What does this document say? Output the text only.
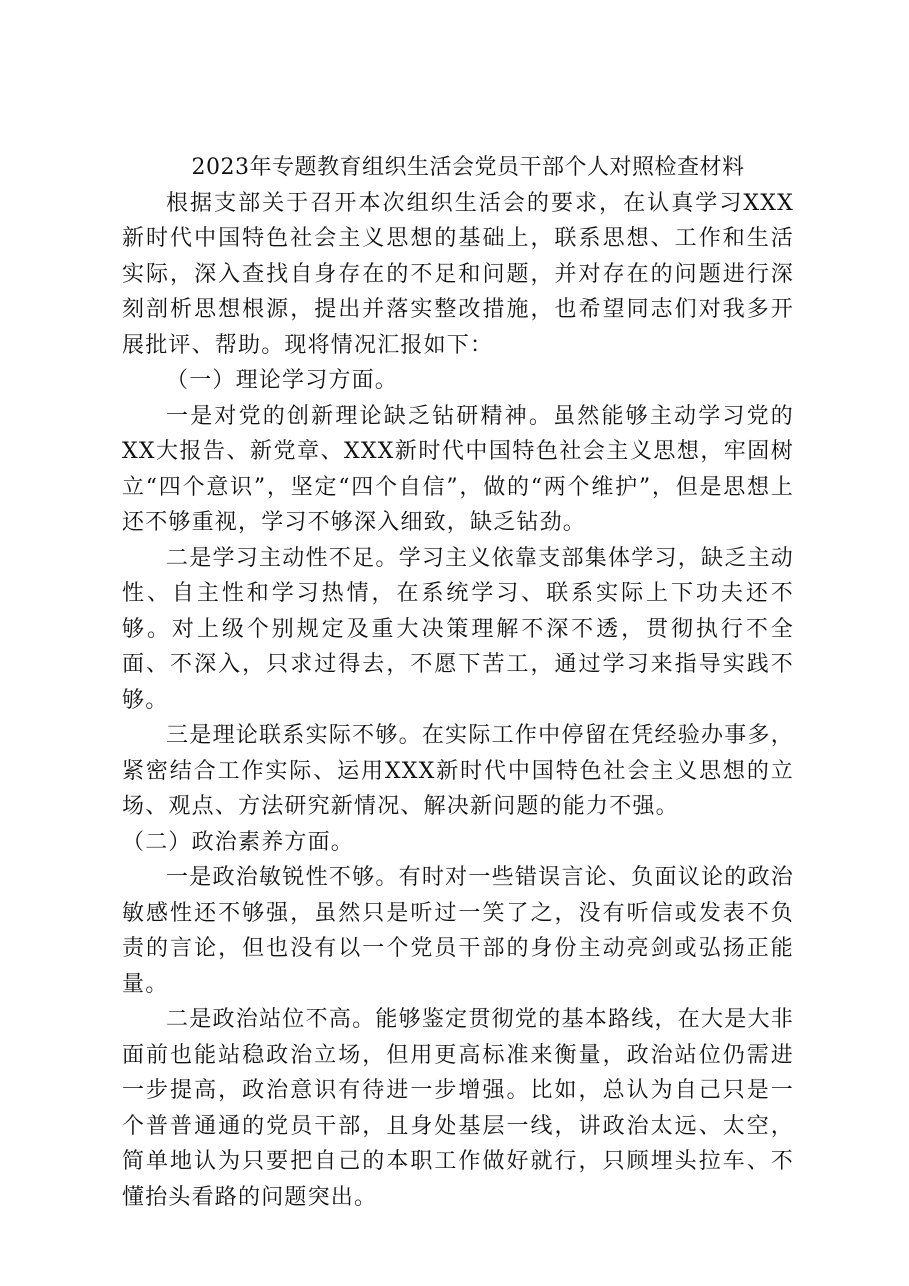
2023年专题教育组织生活会党员干部个人对照检查材料

根据支部关于召开本次组织生活会的要求，在认真学习XXX新时代中国特色社会主义思想的基础上，联系思想、工作和生活实际，深入查找自身存在的不足和问题，并对存在的问题进行深刻剖析思想根源，提出并落实整改措施，也希望同志们对我多开展批评、帮助。现将情况汇报如下：

（一）理论学习方面。

一是对党的创新理论缺乏钻研精神。虽然能够主动学习党的XX大报告、新党章、XXX新时代中国特色社会主义思想，牢固树立“四个意识”，坚定“四个自信”，做的“两个维护”，但是思想上还不够重视，学习不够深入细致，缺乏钻劲。

二是学习主动性不足。学习主义依靠支部集体学习，缺乏主动性、自主性和学习热情，在系统学习、联系实际上下功夫还不够。对上级个别规定及重大决策理解不深不透，贯彻执行不全面、不深入，只求过得去，不愿下苦工，通过学习来指导实践不够。

三是理论联系实际不够。在实际工作中停留在凭经验办事多，紧密结合工作实际、运用XXX新时代中国特色社会主义思想的立场、观点、方法研究新情况、解决新问题的能力不强。

（二）政治素养方面。

一是政治敏锐性不够。有时对一些错误言论、负面议论的政治敏感性还不够强，虽然只是听过一笑了之，没有听信或发表不负责的言论，但也没有以一个党员干部的身份主动亮剑或弘扬正能量。

二是政治站位不高。能够鉴定贯彻党的基本路线，在大是大非面前也能站稳政治立场，但用更高标准来衡量，政治站位仍需进一步提高，政治意识有待进一步增强。比如，总认为自己只是一个普普通通的党员干部，且身处基层一线，讲政治太远、太空，简单地认为只要把自己的本职工作做好就行，只顾埋头拉车、不懂抬头看路的问题突出。
